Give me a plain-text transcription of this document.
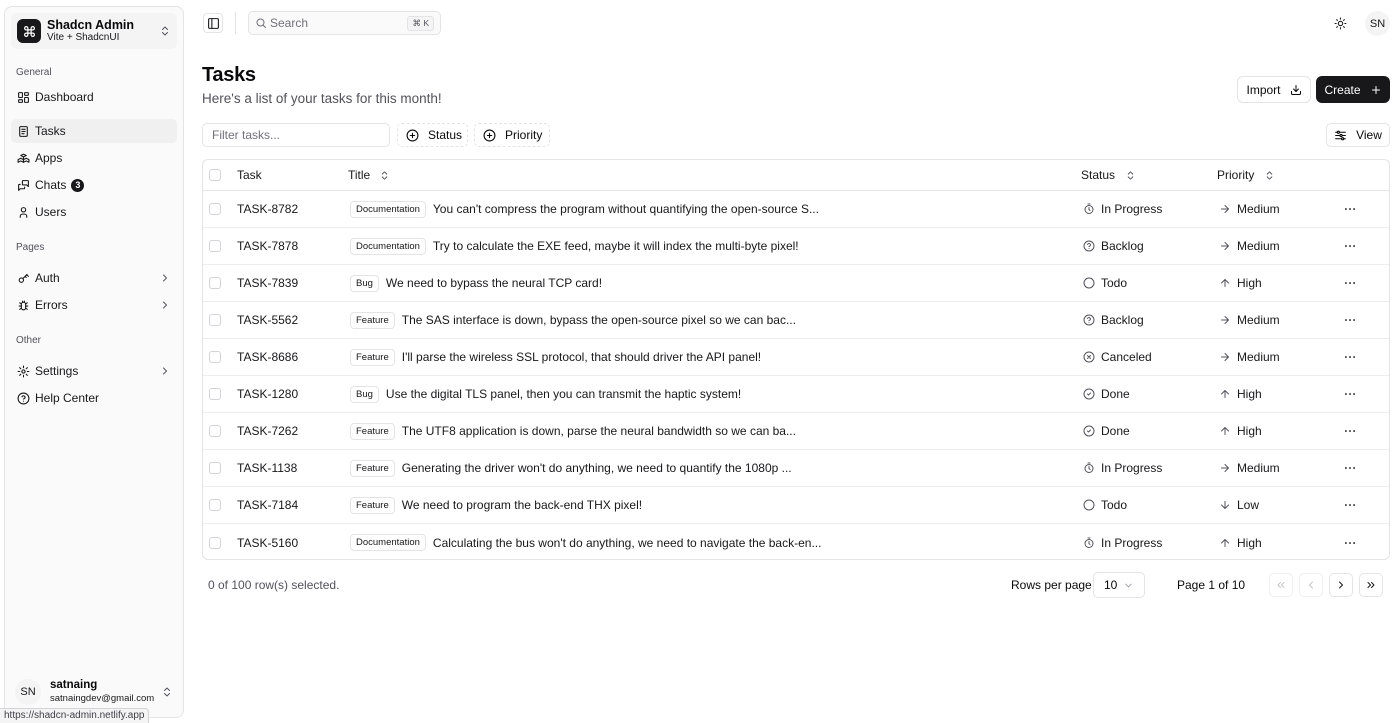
Shadcn Admin
Vite + ShadcnUI
General
Dashboard
Tasks
Apps
Chats 3
Users
Pages
Auth
Errors
Other
Settings
Help Center
SN
satnaing
satnaingdev@gmail.com
https://shadcn-admin.netlify.app
Search	⌘ K	SN
Tasks
Here's a list of your tasks for this month!
Import	Create
Filter tasks...	Status	Priority	View
Task	Title	Status	Priority
TASK-8782	Documentation	You can't compress the program without quantifying the open-source S...	In Progress	Medium
TASK-7878	Documentation	Try to calculate the EXE feed, maybe it will index the multi-byte pixel!	Backlog	Medium
TASK-7839	Bug	We need to bypass the neural TCP card!	Todo	High
TASK-5562	Feature	The SAS interface is down, bypass the open-source pixel so we can bac...	Backlog	Medium
TASK-8686	Feature	I'll parse the wireless SSL protocol, that should driver the API panel!	Canceled	Medium
TASK-1280	Bug	Use the digital TLS panel, then you can transmit the haptic system!	Done	High
TASK-7262	Feature	The UTF8 application is down, parse the neural bandwidth so we can ba...	Done	High
TASK-1138	Feature	Generating the driver won't do anything, we need to quantify the 1080p ...	In Progress	Medium
TASK-7184	Feature	We need to program the back-end THX pixel!	Todo	Low
TASK-5160	Documentation	Calculating the bus won't do anything, we need to navigate the back-en...	In Progress	High
0 of 100 row(s) selected.	Rows per page 10	Page 1 of 10
